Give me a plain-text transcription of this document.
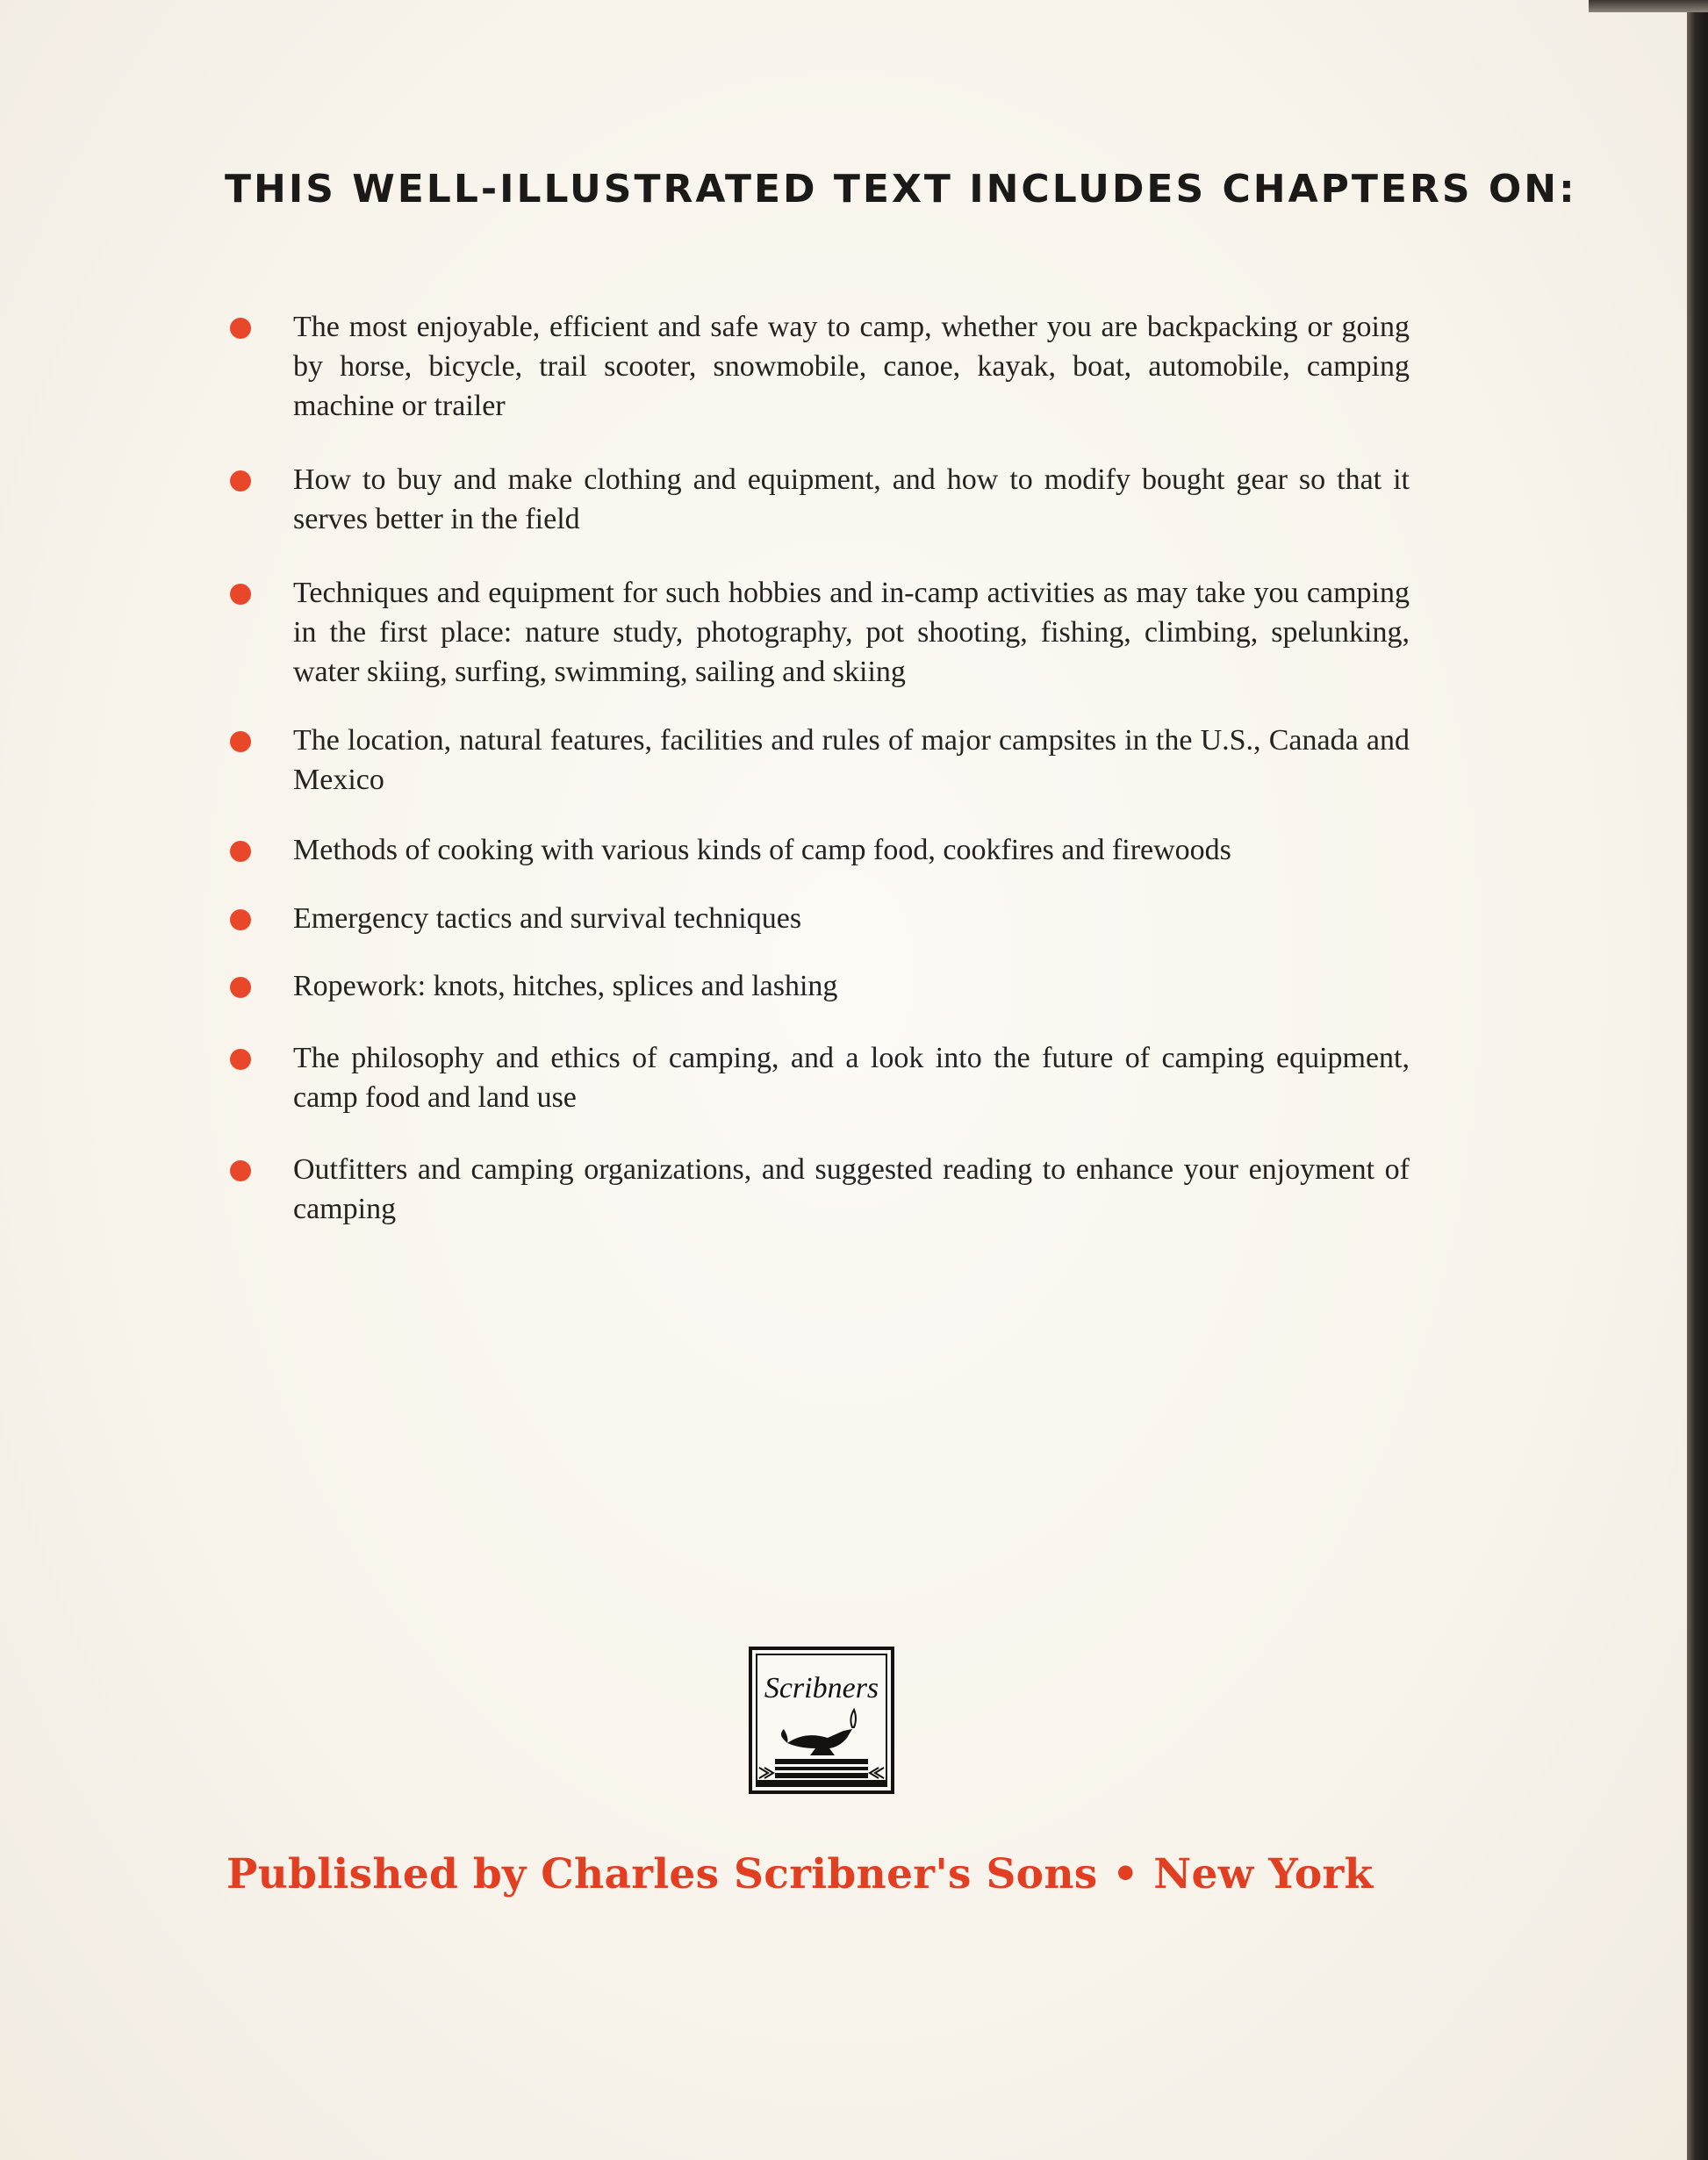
THIS WELL-ILLUSTRATED TEXT INCLUDES CHAPTERS ON:
The most enjoyable, efficient and safe way to camp, whether you are backpacking or going by horse, bicycle, trail scooter, snowmobile, canoe, kayak, boat, automobile, camping machine or trailer
How to buy and make clothing and equipment, and how to modify bought gear so that it serves better in the field
Techniques and equipment for such hobbies and in-camp activities as may take you camping in the first place: nature study, photography, pot shooting, fishing, climbing, spelunking, water skiing, surfing, swimming, sailing and skiing
The location, natural features, facilities and rules of major campsites in the U.S., Canada and Mexico
Methods of cooking with various kinds of camp food, cookfires and firewoods
Emergency tactics and survival techniques
Ropework: knots, hitches, splices and lashing
The philosophy and ethics of camping, and a look into the future of camping equipment, camp food and land use
Outfitters and camping organizations, and suggested reading to enhance your enjoyment of camping
Scribners
Published by Charles Scribner's Sons • New York
